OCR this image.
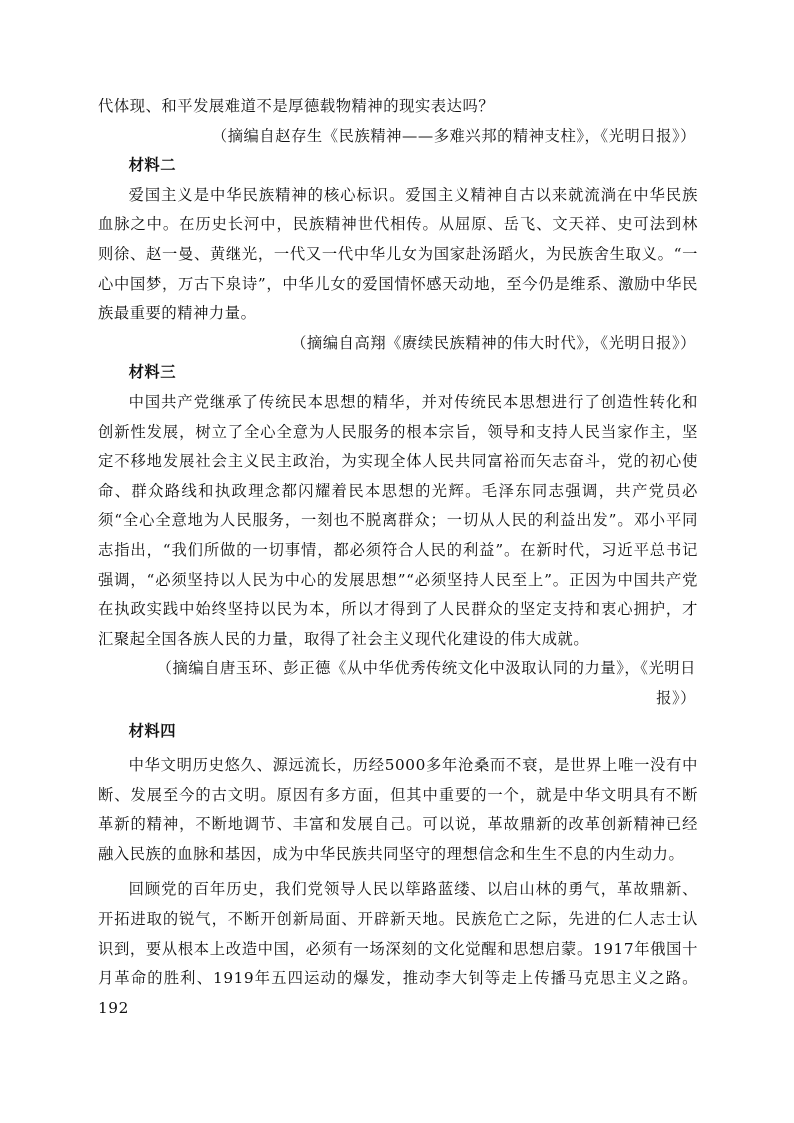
代体现、和平发展难道不是厚德载物精神的现实表达吗？

（摘编自赵存生《民族精神——多难兴邦的精神支柱》，《光明日报》）

材料二

爱国主义是中华民族精神的核心标识。爱国主义精神自古以来就流淌在中华民族血脉之中。在历史长河中，民族精神世代相传。从屈原、岳飞、文天祥、史可法到林则徐、赵一曼、黄继光，一代又一代中华儿女为国家赴汤蹈火，为民族舍生取义。“一心中国梦，万古下泉诗”，中华儿女的爱国情怀感天动地，至今仍是维系、激励中华民族最重要的精神力量。

（摘编自高翔《赓续民族精神的伟大时代》，《光明日报》）

材料三

中国共产党继承了传统民本思想的精华，并对传统民本思想进行了创造性转化和创新性发展，树立了全心全意为人民服务的根本宗旨，领导和支持人民当家作主，坚定不移地发展社会主义民主政治，为实现全体人民共同富裕而矢志奋斗，党的初心使命、群众路线和执政理念都闪耀着民本思想的光辉。毛泽东同志强调，共产党员必须“全心全意地为人民服务，一刻也不脱离群众；一切从人民的利益出发”。邓小平同志指出，“我们所做的一切事情，都必须符合人民的利益”。在新时代，习近平总书记强调，“必须坚持以人民为中心的发展思想”“必须坚持人民至上”。正因为中国共产党在执政实践中始终坚持以民为本，所以才得到了人民群众的坚定支持和衷心拥护，才汇聚起全国各族人民的力量，取得了社会主义现代化建设的伟大成就。

（摘编自唐玉环、彭正德《从中华优秀传统文化中汲取认同的力量》，《光明日

报》）

材料四

中华文明历史悠久、源远流长，历经5000多年沧桑而不衰，是世界上唯一没有中断、发展至今的古文明。原因有多方面，但其中重要的一个，就是中华文明具有不断革新的精神，不断地调节、丰富和发展自己。可以说，革故鼎新的改革创新精神已经融入民族的血脉和基因，成为中华民族共同坚守的理想信念和生生不息的内生动力。

回顾党的百年历史，我们党领导人民以筚路蓝缕、以启山林的勇气，革故鼎新、开拓进取的锐气，不断开创新局面、开辟新天地。民族危亡之际，先进的仁人志士认识到，要从根本上改造中国，必须有一场深刻的文化觉醒和思想启蒙。1917年俄国十月革命的胜利、1919年五四运动的爆发，推动李大钊等走上传播马克思主义之路。192
